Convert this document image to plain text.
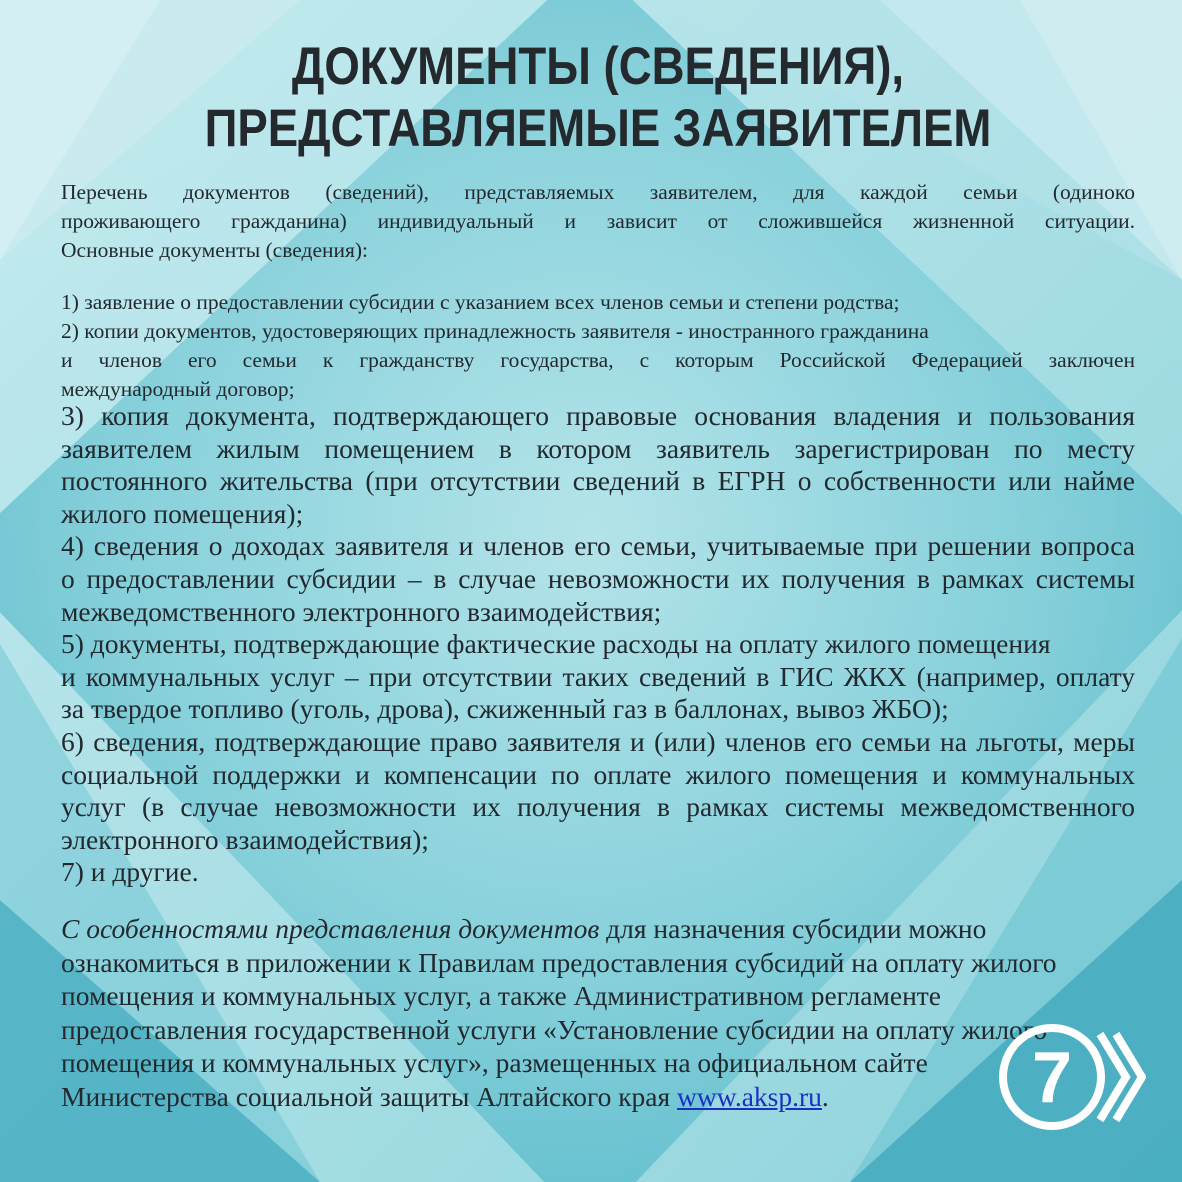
ДОКУМЕНТЫ (СВЕДЕНИЯ),
ПРЕДСТАВЛЯЕМЫЕ ЗАЯВИТЕЛЕМ
Перечень документов (сведений), представляемых заявителем, для каждой семьи (одиноко
проживающего гражданина) индивидуальный и зависит от сложившейся жизненной ситуации.
Основные документы (сведения):
1) заявление о предоставлении субсидии с указанием всех членов семьи и степени родства;
2) копии документов, удостоверяющих принадлежность заявителя - иностранного гражданина
и членов его семьи к гражданству государства, с которым Российской Федерацией заключен
международный договор;
3) копия документа, подтверждающего правовые основания владения и пользования
заявителем жилым помещением в котором заявитель зарегистрирован по месту
постоянного жительства (при отсутствии сведений в ЕГРН о собственности или найме
жилого помещения);
4) сведения о доходах заявителя и членов его семьи, учитываемые при решении вопроса
о предоставлении субсидии – в случае невозможности их получения в рамках системы
межведомственного электронного взаимодействия;
5) документы, подтверждающие фактические расходы на оплату жилого помещения
и коммунальных услуг – при отсутствии таких сведений в ГИС ЖКХ (например, оплату
за твердое топливо (уголь, дрова), сжиженный газ в баллонах, вывоз ЖБО);
6) сведения, подтверждающие право заявителя и (или) членов его семьи на льготы, меры
социальной поддержки и компенсации по оплате жилого помещения и коммунальных
услуг (в случае невозможности их получения в рамках системы межведомственного
электронного взаимодействия);
7) и другие.
С особенностями представления документов для назначения субсидии можно
ознакомиться в приложении к Правилам предоставления субсидий на оплату жилого
помещения и коммунальных услуг, а также Административном регламенте
предоставления государственной услуги «Установление субсидии на оплату жилого
помещения и коммунальных услуг», размещенных на официальном сайте
Министерства социальной защиты Алтайского края www.aksp.ru.	7
